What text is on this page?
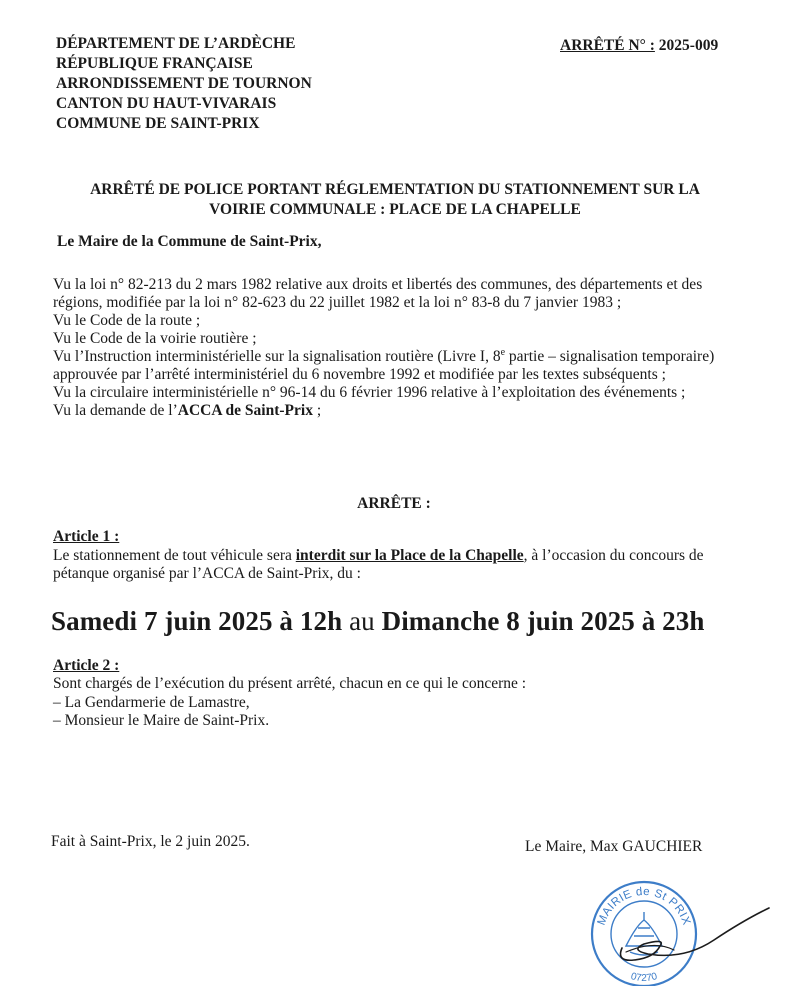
DÉPARTEMENT DE L’ARDÈCHE
RÉPUBLIQUE FRANÇAISE
ARRONDISSEMENT DE TOURNON
CANTON DU HAUT-VIVARAIS
COMMUNE DE SAINT-PRIX
ARRÊTÉ N° : 2025-009
ARRÊTÉ DE POLICE PORTANT RÉGLEMENTATION DU STATIONNEMENT SUR LA
VOIRIE COMMUNALE : PLACE DE LA CHAPELLE
Le Maire de la Commune de Saint-Prix,

Vu la loi n° 82-213 du 2 mars 1982 relative aux droits et libertés des communes, des départements et des régions, modifiée par la loi n° 82-623 du 22 juillet 1982 et la loi n° 83-8 du 7 janvier 1983 ;

Vu le Code de la route ;

Vu le Code de la voirie routière ;

Vu l’Instruction interministérielle sur la signalisation routière (Livre I, 8e partie – signalisation temporaire) approuvée par l’arrêté interministériel du 6 novembre 1992 et modifiée par les textes subséquents ;

Vu la circulaire interministérielle n° 96-14 du 6 février 1996 relative à l’exploitation des événements ;

Vu la demande de l’ACCA de Saint-Prix ;

ARRÊTE :
Article 1 :
Le stationnement de tout véhicule sera interdit sur la Place de la Chapelle, à l’occasion du concours de pétanque organisé par l’ACCA de Saint-Prix, du :
Samedi 7 juin 2025 à 12h au Dimanche 8 juin 2025 à 23h
Article 2 :

Sont chargés de l’exécution du présent arrêté, chacun en ce qui le concerne :

– La Gendarmerie de Lamastre,

– Monsieur le Maire de Saint-Prix.

Fait à Saint-Prix, le 2 juin 2025.	Le Maire, Max GAUCHIER
MAIRIE de St PRIX
07270
